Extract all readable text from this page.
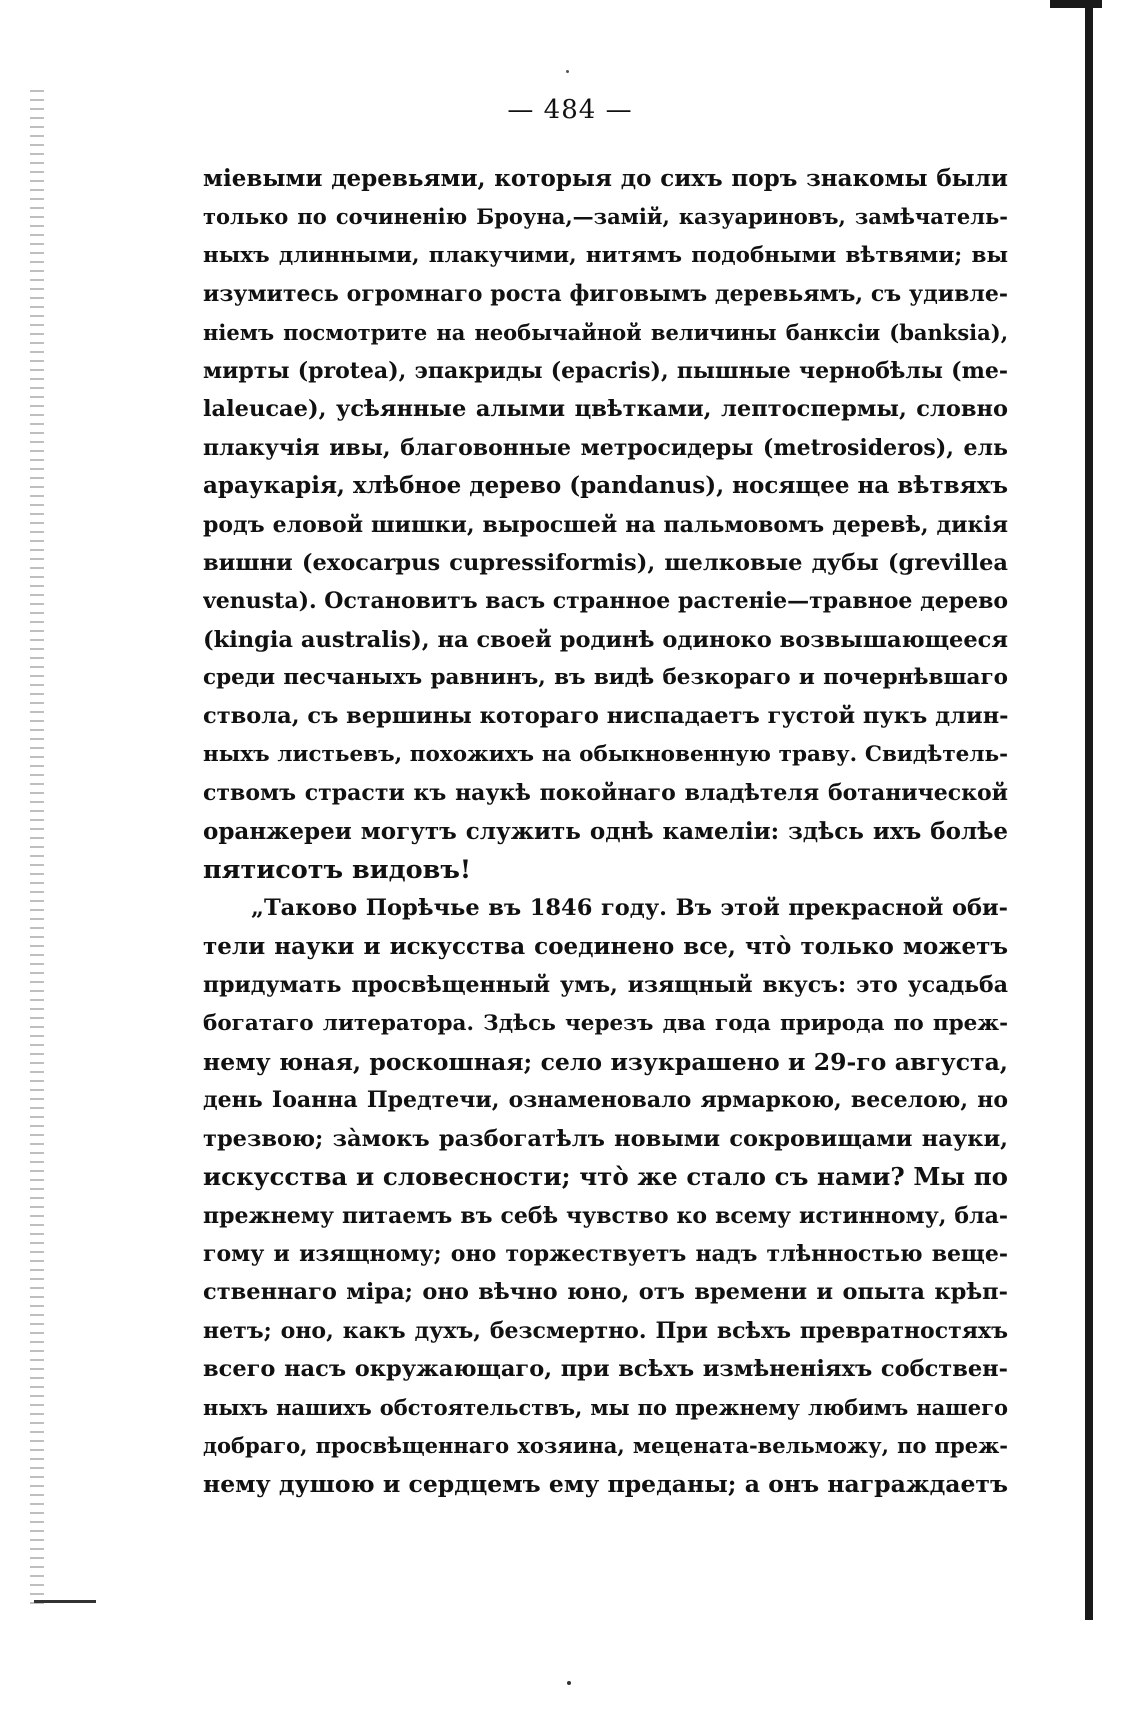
— 484 —
міевыми деревьями, которыя до сихъ поръ знакомы были
только по сочиненію Броуна,—замій, казуариновъ, замѣчатель-
ныхъ длинными, плакучими, нитямъ подобными вѣтвями; вы
изумитесь огромнаго роста фиговымъ деревьямъ, съ удивле-
ніемъ посмотрите на необычайной величины банксіи (banksia),
мирты (protea), эпакриды (epacris), пышные чернобѣлы (me-
laleucae), усѣянные алыми цвѣтками, лептоспермы, словно
плакучія ивы, благовонные метросидеры (metrosideros), ель
араукарія, хлѣбное дерево (pandanus), носящее на вѣтвяхъ
родъ еловой шишки, выросшей на пальмовомъ деревѣ, дикія
вишни (exocarpus cupressiformis), шелковые дубы (grevillea
venusta). Остановитъ васъ странное растеніе—травное дерево
(kingia australis), на своей родинѣ одиноко возвышающееся
среди песчаныхъ равнинъ, въ видѣ безкораго и почернѣвшаго
ствола, съ вершины котораго ниспадаетъ густой пукъ длин-
ныхъ листьевъ, похожихъ на обыкновенную траву. Свидѣтель-
ствомъ страсти къ наукѣ покойнаго владѣтеля ботанической
оранжереи могутъ служить однѣ камеліи: здѣсь ихъ болѣе
пятисотъ видовъ!
„Таково Порѣчье въ 1846 году. Въ этой прекрасной оби-
тели науки и искусства соединено все, что̀ только можетъ
придумать просвѣщенный умъ, изящный вкусъ: это усадьба
богатаго литератора. Здѣсь черезъ два года природа по преж-
нему юная, роскошная; село изукрашено и 29-го августа,
день Іоанна Предтечи, ознаменовало ярмаркою, веселою, но
трезвою; за̀мокъ разбогатѣлъ новыми сокровищами науки,
искусства и словесности; что̀ же стало съ нами? Мы по
прежнему питаемъ въ себѣ чувство ко всему истинному, бла-
гому и изящному; оно торжествуетъ надъ тлѣнностью веще-
ственнаго міра; оно вѣчно юно, отъ времени и опыта крѣп-
нетъ; оно, какъ духъ, безсмертно. При всѣхъ превратностяхъ
всего насъ окружающаго, при всѣхъ измѣненіяхъ собствен-
ныхъ нашихъ обстоятельствъ, мы по прежнему любимъ нашего
добраго, просвѣщеннаго хозяина, мецената-вельможу, по преж-
нему душою и сердцемъ ему преданы; а онъ награждаетъ
